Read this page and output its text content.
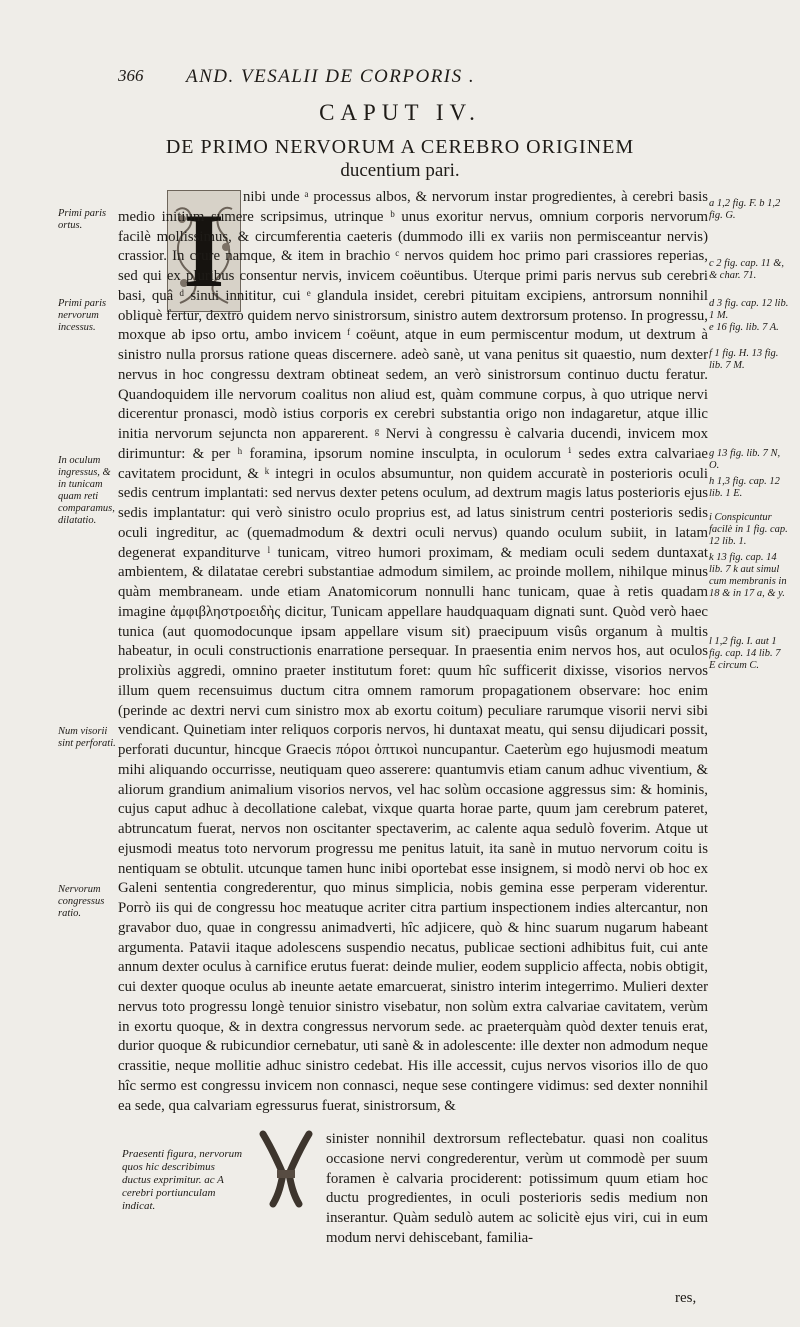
366 AND. VESALII DE CORPORIS .
CAPUT IV.
DE PRIMO NERVORUM A CEREBRO ORIGINEM
ducentium pari.
I	nibi unde ᵃ processus albos, & nervorum instar progredientes, à cerebri basis medio initium sumere scripsimus, utrinque ᵇ unus exoritur nervus, omnium corporis nervorum facilè mollissimus, & circumferentia caeteris (dummodo illi ex variis non permisceantur nervis) crassior. In crure namque, & item in brachio ᶜ nervos quidem hoc primo pari crassiores reperias, sed qui ex pluribus consentur nervis, invicem coëuntibus. Uterque primi paris nervus sub cerebri basi, quâ ᵈ sinui innititur, cui ᵉ glandula insidet, cerebri pituitam excipiens, antrorsum nonnihil obliquè fertur, dextro quidem nervo sinistrorsum, sinistro autem dextrorsum protenso. In progressu, moxque ab ipso ortu, ambo invicem ᶠ coëunt, atque in eum permiscentur modum, ut dextrum à sinistro nulla prorsus ratione queas discernere. adeò sanè, ut vana penitus sit quaestio, num dexter nervus in hoc congressu dextram obtineat sedem, an verò sinistrorsum continuo ductu feratur. Quandoquidem ille nervorum coalitus non aliud est, quàm commune corpus, à quo utrique nervi dicerentur pronasci, modò istius corporis ex cerebri substantia origo non indagaretur, atque illic initia nervorum sejuncta non apparerent. ᵍ Nervi à congressu è calvaria ducendi, invicem mox dirimuntur: & per ʰ foramina, ipsorum nomine insculpta, in oculorum ⁱ sedes extra calvariae cavitatem procidunt, & ᵏ integri in oculos absumuntur, non quidem accuratè in posterioris oculi sedis centrum implantati: sed nervus dexter petens oculum, ad dextrum magis latus posterioris ejus sedis implantatur: qui verò sinistro oculo proprius est, ad latus sinistrum centri posterioris sedis oculi ingreditur, ac (quemadmodum & dextri oculi nervus) quando oculum subiit, in latam degenerat expanditurve ˡ tunicam, vitreo humori proximam, & mediam oculi sedem duntaxat ambientem, & dilatatae cerebri substantiae admodum similem, ac proinde mollem, nihilque minus quàm membraneam. unde etiam Anatomicorum nonnulli hanc tunicam, quae à retis quadam imagine ἀμφιβληστροειδὴς dicitur, Tunicam appellare haudquaquam dignati sunt. Quòd verò haec tunica (aut quomodocunque ipsam appellare visum sit) praecipuum visûs organum à multis habeatur, in oculi constructionis enarratione persequar. In praesentia enim nervos hos, aut oculos prolixiùs aggredi, omnino praeter institutum foret: quum hîc sufficerit dixisse, visorios nervos illum quem recensuimus ductum citra omnem ramorum propagationem observare: hoc enim (perinde ac dextri nervi cum sinistro mox ab exortu coitum) peculiare rarumque visorii nervi sibi vendicant. Quinetiam inter reliquos corporis nervos, hi duntaxat meatu, qui sensu dijudicari possit, perforati ducuntur, hincque Graecis πόροι ὀπτικοὶ nuncupantur. Caeterùm ego hujusmodi meatum mihi aliquando occurrisse, neutiquam queo asserere: quantumvis etiam canum adhuc viventium, & aliorum grandium animalium visorios nervos, vel hac solùm occasione aggressus sim: & hominis, cujus caput adhuc à decollatione calebat, vixque quarta horae parte, quum jam cerebrum pateret, abtruncatum fuerat, nervos non oscitanter spectaverim, ac calente aqua sedulò foverim. Atque ut ejusmodi meatus toto nervorum progressu me penitus latuit, ita sanè in mutuo nervorum coitu is nentiquam se obtulit. utcunque tamen hunc inibi oportebat esse insignem, si modò nervi ob hoc ex Galeni sententia congrederentur, quo minus simplicia, nobis gemina esse perperam viderentur. Porrò iis qui de congressu hoc meatuque acriter citra partium inspectionem indies altercantur, non gravabor duo, quae in congressu animadverti, hîc adjicere, quò & hinc suarum nugarum habeant argumenta. Patavii itaque adolescens suspendio necatus, publicae sectioni adhibitus fuit, cui ante annum dexter oculus à carnifice erutus fuerat: deinde mulier, eodem supplicio affecta, nobis obtigit, cui dexter quoque oculus ab ineunte aetate emarcuerat, sinistro interim integerrimo. Mulieri dexter nervus toto progressu longè tenuior sinistro visebatur, non solùm extra calvariae cavitatem, verùm in exortu quoque, & in dextra congressus nervorum sede. ac praeterquàm quòd dexter tenuis erat, durior quoque & rubicundior cernebatur, uti sanè & in adolescente: ille dexter non admodum neque crassitie, neque mollitie adhuc sinistro cedebat. His ille accessit, cujus nervos visorios illo de quo hîc sermo est congressu invicem non connasci, neque sese contingere vidimus: sed dexter nonnihil ea sede, qua calvariam egressurus fuerat, sinistrorsum, &

Primi paris ortus.
Primi paris nervorum incessus.
In oculum ingressus, & in tunicam quam reti comparamus, dilatatio.
Num visorii sint perforati.
Nervorum congressus ratio.
a 1,2 fig. F. b 1,2 fig. G.
c 2 fig. cap. 11 &, & char. 71.
d 3 fig. cap. 12 lib. 1 M.
e 16 fig. lib. 7 A.
f 1 fig. H. 13 fig. lib. 7 M.
g 13 fig. lib. 7 N, O.
h 1,3 fig. cap. 12 lib. 1 E.
i Conspicuntur facilè in 1 fig. cap. 12 lib. 1.
k 13 fig. cap. 14 lib. 7 k aut simul cum membranis in 18 & in 17 a, & y.
l 1,2 fig. I. aut 1 fig. cap. 14 lib. 7 E circum C.
Praesenti figura, nervorum quos hic describimus ductus exprimitur. ac A cerebri portiunculam indicat.
sinister nonnihil dextrorsum reflectebatur. quasi non coalitus occasione nervi congrederentur, verùm ut commodè per suum foramen è calvaria prociderent: potissimum quum etiam hoc ductu progredientes, in oculi posterioris sedis medium non inserantur. Quàm sedulò autem ac solicitè ejus viri, cui in eum modum nervi dehiscebant, familia-
res,
